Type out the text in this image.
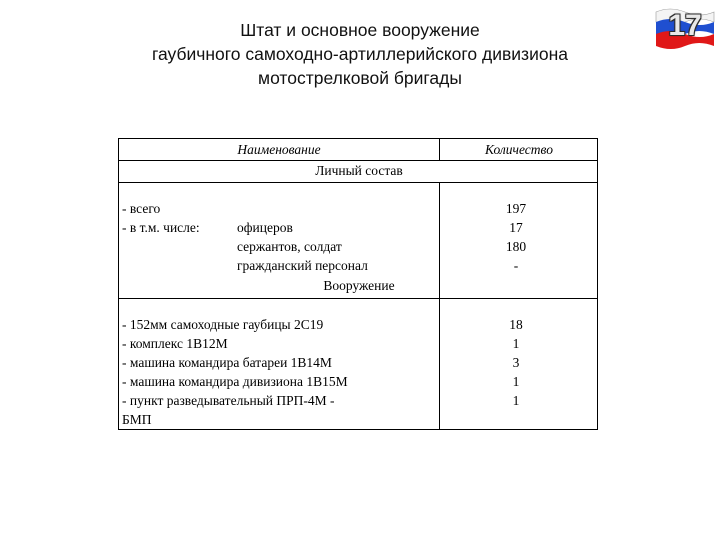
Штат и основное вооружение
гаубичного самоходно-артиллерийского дивизиона
мотострелковой бригады
17
Наименование	Количество
Личный состав
- всего
- в т.м. числе:	офицеров
сержантов, солдат
гражданский персонал
197
17
180
-
Вооружение
- 152мм самоходные гаубицы 2С19
- комплекс 1В12М
- машина командира батареи 1В14М
- машина командира дивизиона 1В15М
- пункт разведывательный ПРП-4М -
БМП
18
1
3
1
1
